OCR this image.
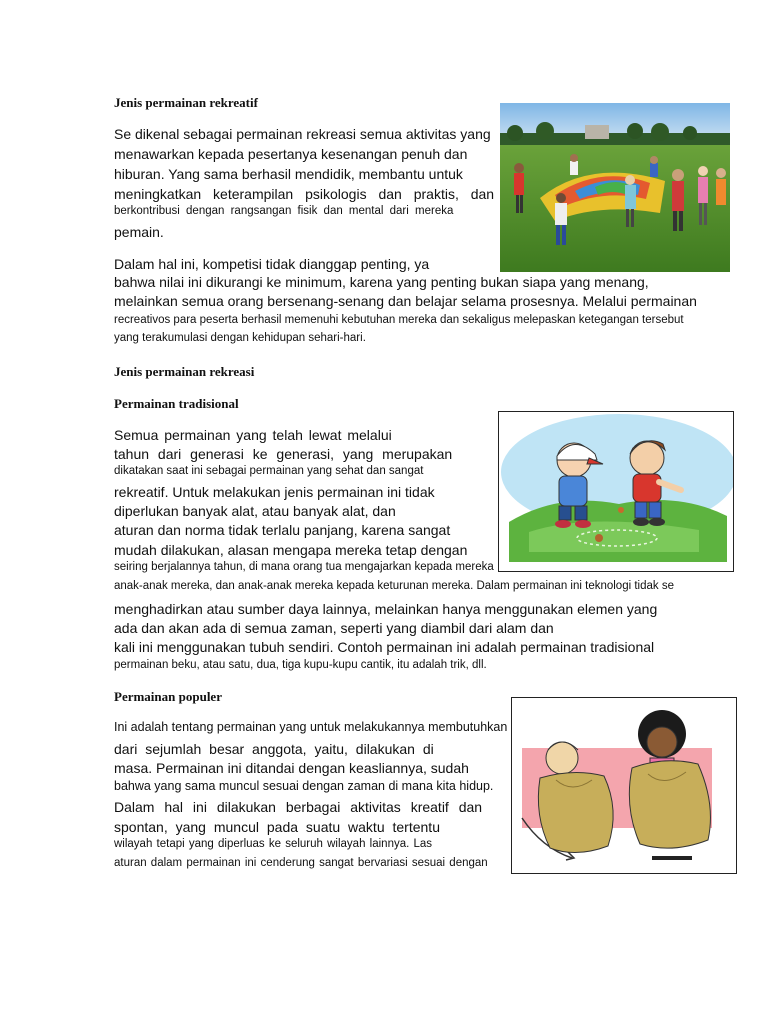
Jenis permainan rekreatif
Se dikenal sebagai permainan rekreasi semua aktivitas yang
menawarkan kepada pesertanya kesenangan penuh dan
hiburan. Yang sama berhasil mendidik, membantu untuk
meningkatkan keterampilan psikologis dan praktis, dan
berkontribusi dengan rangsangan fisik dan mental dari mereka
pemain.
Dalam hal ini, kompetisi tidak dianggap penting, ya
bahwa nilai ini dikurangi ke minimum, karena yang penting bukan siapa yang menang,
melainkan semua orang bersenang-senang dan belajar selama prosesnya. Melalui permainan
recreativos para peserta berhasil memenuhi kebutuhan mereka dan sekaligus melepaskan ketegangan tersebut
yang terakumulasi dengan kehidupan sehari-hari.
Jenis permainan rekreasi
Permainan tradisional
Semua permainan yang telah lewat melalui
tahun dari generasi ke generasi, yang merupakan
dikatakan saat ini sebagai permainan yang sehat dan sangat
rekreatif. Untuk melakukan jenis permainan ini tidak
diperlukan banyak alat, atau banyak alat, dan
aturan dan norma tidak terlalu panjang, karena sangat
mudah dilakukan, alasan mengapa mereka tetap dengan
seiring berjalannya tahun, di mana orang tua mengajarkan kepada mereka
anak-anak mereka, dan anak-anak mereka kepada keturunan mereka. Dalam permainan ini teknologi tidak se
menghadirkan atau sumber daya lainnya, melainkan hanya menggunakan elemen yang
ada dan akan ada di semua zaman, seperti yang diambil dari alam dan
kali ini menggunakan tubuh sendiri. Contoh permainan ini adalah permainan tradisional
permainan beku, atau satu, dua, tiga kupu-kupu cantik, itu adalah trik, dll.
Permainan populer
Ini adalah tentang permainan yang untuk melakukannya membutuhkan
dari sejumlah besar anggota, yaitu, dilakukan di
masa. Permainan ini ditandai dengan keasliannya, sudah
bahwa yang sama muncul sesuai dengan zaman di mana kita hidup.
Dalam hal ini dilakukan berbagai aktivitas kreatif dan
spontan, yang muncul pada suatu waktu tertentu
wilayah tetapi yang diperluas ke seluruh wilayah lainnya. Las
aturan dalam permainan ini cenderung sangat bervariasi sesuai dengan
